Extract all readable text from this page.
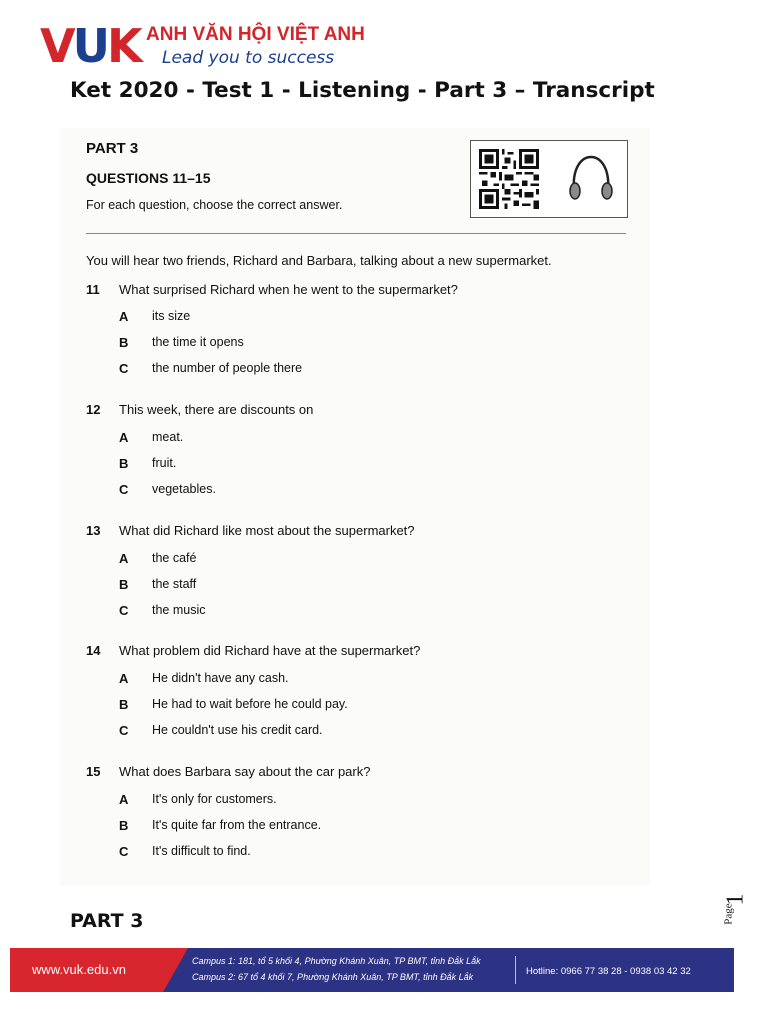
VUK ANH VĂN HỘI VIỆT ANH
Lead you to success
Ket 2020 - Test 1 - Listening - Part 3 – Transcript
PART 3
QUESTIONS 11–15
For each question, choose the correct answer.
You will hear two friends, Richard and Barbara, talking about a new supermarket.
11 What surprised Richard when he went to the supermarket?
A its size
B the time it opens
C the number of people there
12 This week, there are discounts on
A meat.
B fruit.
C vegetables.
13 What did Richard like most about the supermarket?
A the café
B the staff
C the music
14 What problem did Richard have at the supermarket?
A He didn't have any cash.
B He had to wait before he could pay.
C He couldn't use his credit card.
15 What does Barbara say about the car park?
A It's only for customers.
B It's quite far from the entrance.
C It's difficult to find.
PART 3	Page
1
www.vuk.edu.vn
Campus 1: 181, tổ 5 khối 4, Phường Khánh Xuân, TP BMT, tỉnh Đắk Lắk
Campus 2: 67 tổ 4 khối 7, Phường Khánh Xuân, TP BMT, tỉnh Đắk Lắk	Hotline: 0966 77 38 28 - 0938 03 42 32
